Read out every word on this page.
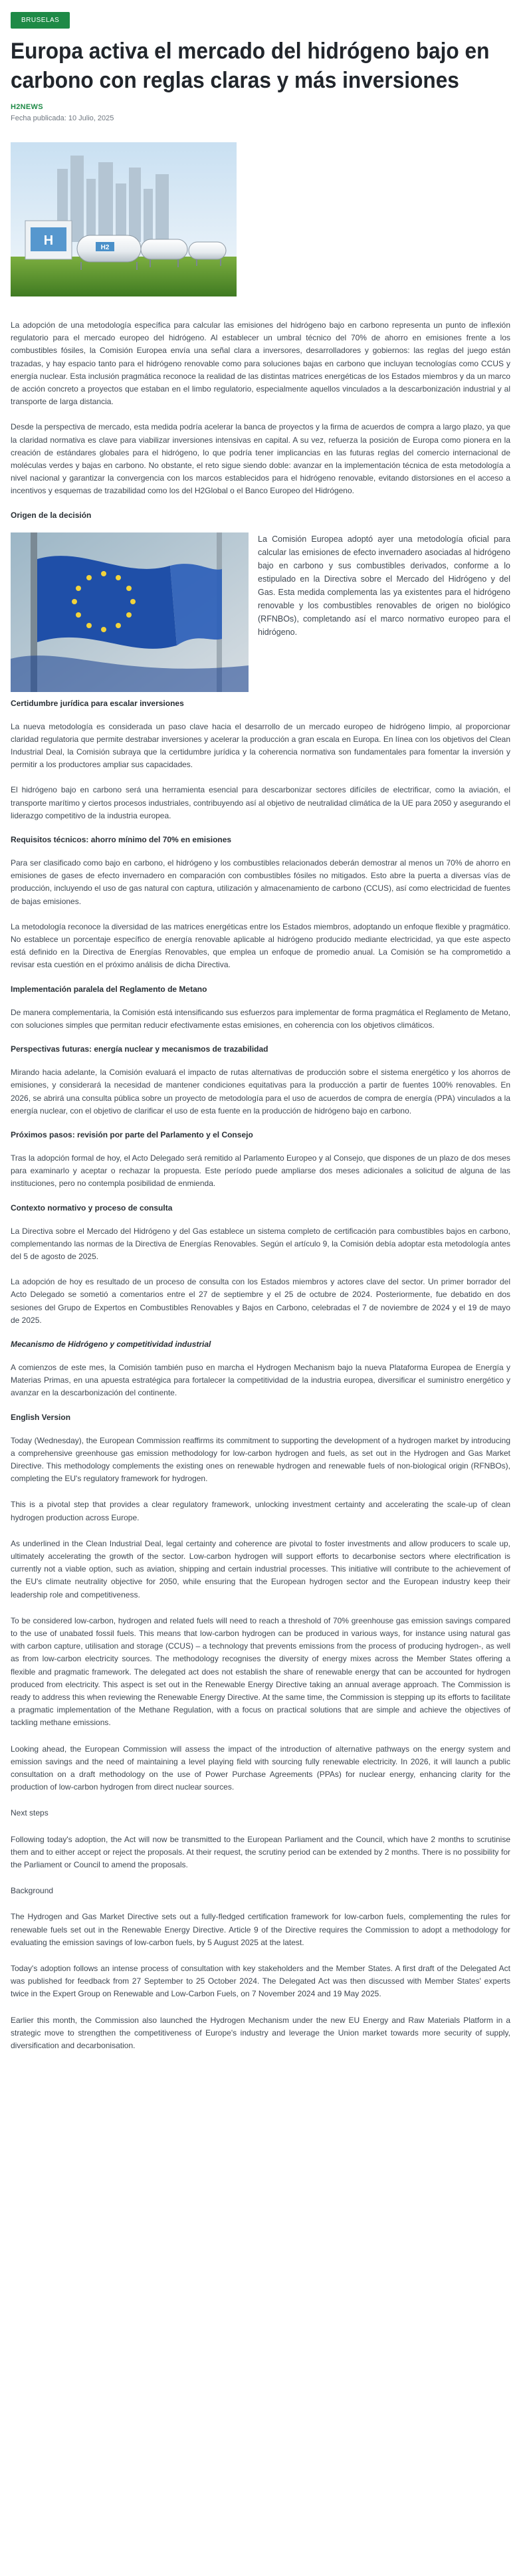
BRUSELAS
Europa activa el mercado del hidrógeno bajo en carbono con reglas claras y más inversiones
H2NEWS
Fecha publicada: 10 Julio, 2025
H	H2

La adopción de una metodología específica para calcular las emisiones del hidrógeno bajo en carbono representa un punto de inflexión regulatorio para el mercado europeo del hidrógeno. Al establecer un umbral técnico del 70% de ahorro en emisiones frente a los combustibles fósiles, la Comisión Europea envía una señal clara a inversores, desarrolladores y gobiernos: las reglas del juego están trazadas, y hay espacio tanto para el hidrógeno renovable como para soluciones bajas en carbono que incluyan tecnologías como CCUS y energía nuclear. Esta inclusión pragmática reconoce la realidad de las distintas matrices energéticas de los Estados miembros y da un marco de acción concreto a proyectos que estaban en el limbo regulatorio, especialmente aquellos vinculados a la descarbonización industrial y al transporte de larga distancia.

Desde la perspectiva de mercado, esta medida podría acelerar la banca de proyectos y la firma de acuerdos de compra a largo plazo, ya que la claridad normativa es clave para viabilizar inversiones intensivas en capital. A su vez, refuerza la posición de Europa como pionera en la creación de estándares globales para el hidrógeno, lo que podría tener implicancias en las futuras reglas del comercio internacional de moléculas verdes y bajas en carbono. No obstante, el reto sigue siendo doble: avanzar en la implementación técnica de esta metodología a nivel nacional y garantizar la convergencia con los marcos establecidos para el hidrógeno renovable, evitando distorsiones en el acceso a incentivos y esquemas de trazabilidad como los del H2Global o el Banco Europeo del Hidrógeno.

Origen de la decisión
La Comisión Europea adoptó ayer una metodología oficial para calcular las emisiones de efecto invernadero asociadas al hidrógeno bajo en carbono y sus combustibles derivados, conforme a lo estipulado en la Directiva sobre el Mercado del Hidrógeno y del Gas. Esta medida complementa las ya existentes para el hidrógeno renovable y los combustibles renovables de origen no biológico (RFNBOs), completando así el marco normativo europeo para el hidrógeno.
Certidumbre jurídica para escalar inversiones

La nueva metodología es considerada un paso clave hacia el desarrollo de un mercado europeo de hidrógeno limpio, al proporcionar claridad regulatoria que permite destrabar inversiones y acelerar la producción a gran escala en Europa. En línea con los objetivos del Clean Industrial Deal, la Comisión subraya que la certidumbre jurídica y la coherencia normativa son fundamentales para fomentar la inversión y permitir a los productores ampliar sus capacidades.

El hidrógeno bajo en carbono será una herramienta esencial para descarbonizar sectores difíciles de electrificar, como la aviación, el transporte marítimo y ciertos procesos industriales, contribuyendo así al objetivo de neutralidad climática de la UE para 2050 y asegurando el liderazgo competitivo de la industria europea.

Requisitos técnicos: ahorro mínimo del 70% en emisiones

Para ser clasificado como bajo en carbono, el hidrógeno y los combustibles relacionados deberán demostrar al menos un 70% de ahorro en emisiones de gases de efecto invernadero en comparación con combustibles fósiles no mitigados. Esto abre la puerta a diversas vías de producción, incluyendo el uso de gas natural con captura, utilización y almacenamiento de carbono (CCUS), así como electricidad de fuentes de bajas emisiones.

La metodología reconoce la diversidad de las matrices energéticas entre los Estados miembros, adoptando un enfoque flexible y pragmático. No establece un porcentaje específico de energía renovable aplicable al hidrógeno producido mediante electricidad, ya que este aspecto está definido en la Directiva de Energías Renovables, que emplea un enfoque de promedio anual. La Comisión se ha comprometido a revisar esta cuestión en el próximo análisis de dicha Directiva.

Implementación paralela del Reglamento de Metano

De manera complementaria, la Comisión está intensificando sus esfuerzos para implementar de forma pragmática el Reglamento de Metano, con soluciones simples que permitan reducir efectivamente estas emisiones, en coherencia con los objetivos climáticos.

Perspectivas futuras: energía nuclear y mecanismos de trazabilidad

Mirando hacia adelante, la Comisión evaluará el impacto de rutas alternativas de producción sobre el sistema energético y los ahorros de emisiones, y considerará la necesidad de mantener condiciones equitativas para la producción a partir de fuentes 100% renovables. En 2026, se abrirá una consulta pública sobre un proyecto de metodología para el uso de acuerdos de compra de energía (PPA) vinculados a la energía nuclear, con el objetivo de clarificar el uso de esta fuente en la producción de hidrógeno bajo en carbono.

Próximos pasos: revisión por parte del Parlamento y el Consejo

Tras la adopción formal de hoy, el Acto Delegado será remitido al Parlamento Europeo y al Consejo, que dispones de un plazo de dos meses para examinarlo y aceptar o rechazar la propuesta. Este período puede ampliarse dos meses adicionales a solicitud de alguna de las instituciones, pero no contempla posibilidad de enmienda.

Contexto normativo y proceso de consulta

La Directiva sobre el Mercado del Hidrógeno y del Gas establece un sistema completo de certificación para combustibles bajos en carbono, complementando las normas de la Directiva de Energías Renovables. Según el artículo 9, la Comisión debía adoptar esta metodología antes del 5 de agosto de 2025.

La adopción de hoy es resultado de un proceso de consulta con los Estados miembros y actores clave del sector. Un primer borrador del Acto Delegado se sometió a comentarios entre el 27 de septiembre y el 25 de octubre de 2024. Posteriormente, fue debatido en dos sesiones del Grupo de Expertos en Combustibles Renovables y Bajos en Carbono, celebradas el 7 de noviembre de 2024 y el 19 de mayo de 2025.

Mecanismo de Hidrógeno y competitividad industrial

A comienzos de este mes, la Comisión también puso en marcha el Hydrogen Mechanism bajo la nueva Plataforma Europea de Energía y Materias Primas, en una apuesta estratégica para fortalecer la competitividad de la industria europea, diversificar el suministro energético y avanzar en la descarbonización del continente.

English Version

Today (Wednesday), the European Commission reaffirms its commitment to supporting the development of a hydrogen market by introducing a comprehensive greenhouse gas emission methodology for low-carbon hydrogen and fuels, as set out in the Hydrogen and Gas Market Directive. This methodology complements the existing ones on renewable hydrogen and renewable fuels of non-biological origin (RFNBOs), completing the EU's regulatory framework for hydrogen.

This is a pivotal step that provides a clear regulatory framework, unlocking investment certainty and accelerating the scale-up of clean hydrogen production across Europe.

As underlined in the Clean Industrial Deal, legal certainty and coherence are pivotal to foster investments and allow producers to scale up, ultimately accelerating the growth of the sector. Low-carbon hydrogen will support efforts to decarbonise sectors where electrification is currently not a viable option, such as aviation, shipping and certain industrial processes. This initiative will contribute to the achievement of the EU's climate neutrality objective for 2050, while ensuring that the European hydrogen sector and the European industry keep their leadership role and competitiveness.

To be considered low-carbon, hydrogen and related fuels will need to reach a threshold of 70% greenhouse gas emission savings compared to the use of unabated fossil fuels. This means that low-carbon hydrogen can be produced in various ways, for instance using natural gas with carbon capture, utilisation and storage (CCUS) – a technology that prevents emissions from the process of producing hydrogen-, as well as from low-carbon electricity sources. The methodology recognises the diversity of energy mixes across the Member States offering a flexible and pragmatic framework. The delegated act does not establish the share of renewable energy that can be accounted for hydrogen produced from electricity. This aspect is set out in the Renewable Energy Directive taking an annual average approach. The Commission is ready to address this when reviewing the Renewable Energy Directive. At the same time, the Commission is stepping up its efforts to facilitate a pragmatic implementation of the Methane Regulation, with a focus on practical solutions that are simple and achieve the objectives of tackling methane emissions.

Looking ahead, the European Commission will assess the impact of the introduction of alternative pathways on the energy system and emission savings and the need of maintaining a level playing field with sourcing fully renewable electricity. In 2026, it will launch a public consultation on a draft methodology on the use of Power Purchase Agreements (PPAs) for nuclear energy, enhancing clarity for the production of low-carbon hydrogen from direct nuclear sources.

Next steps

Following today's adoption, the Act will now be transmitted to the European Parliament and the Council, which have 2 months to scrutinise them and to either accept or reject the proposals. At their request, the scrutiny period can be extended by 2 months. There is no possibility for the Parliament or Council to amend the proposals.

Background

The Hydrogen and Gas Market Directive sets out a fully-fledged certification framework for low-carbon fuels, complementing the rules for renewable fuels set out in the Renewable Energy Directive. Article 9 of the Directive requires the Commission to adopt a methodology for evaluating the emission savings of low-carbon fuels, by 5 August 2025 at the latest.

Today's adoption follows an intense process of consultation with key stakeholders and the Member States. A first draft of the Delegated Act was published for feedback from 27 September to 25 October 2024. The Delegated Act was then discussed with Member States' experts twice in the Expert Group on Renewable and Low-Carbon Fuels, on 7 November 2024 and 19 May 2025.

Earlier this month, the Commission also launched the Hydrogen Mechanism under the new EU Energy and Raw Materials Platform in a strategic move to strengthen the competitiveness of Europe's industry and leverage the Union market towards more security of supply, diversification and decarbonisation.
